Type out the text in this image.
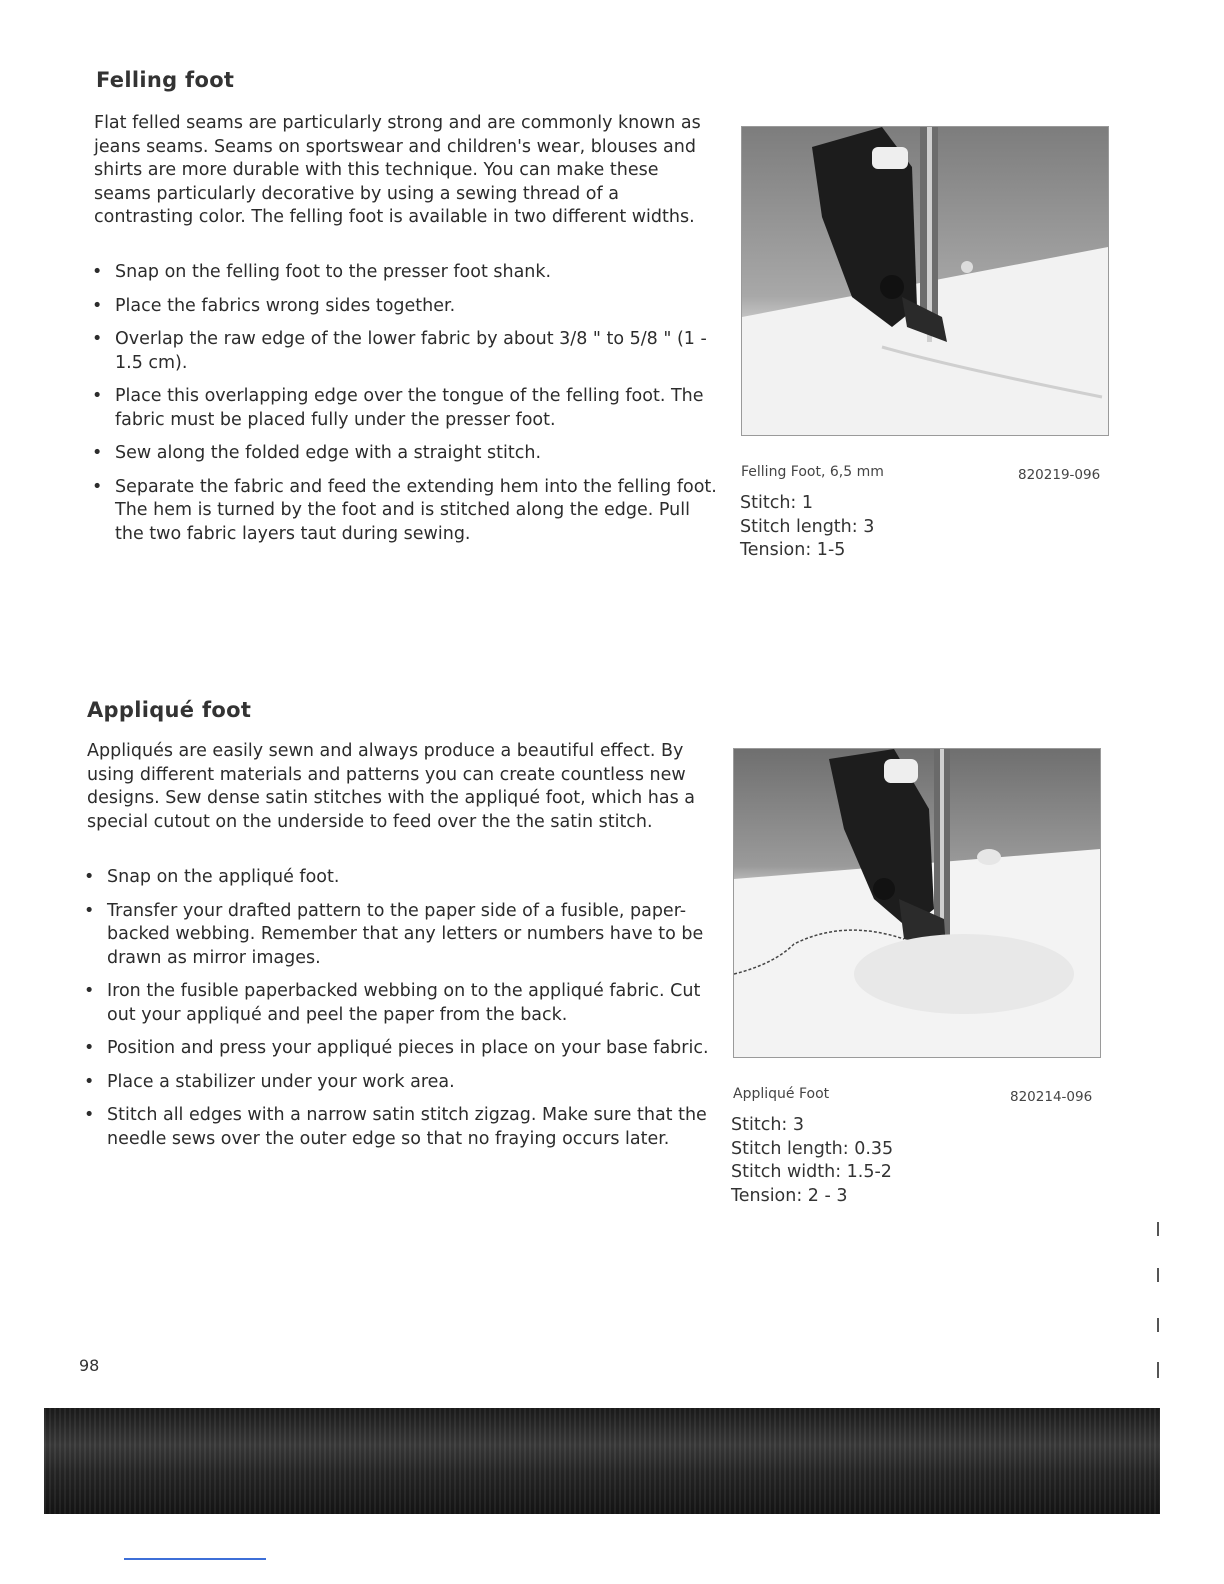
Felling foot

Flat felled seams are particularly strong and are commonly known as jeans seams. Seams on sportswear and children's wear, blouses and shirts are more durable with this technique. You can make these seams particularly decorative by using a sewing thread of a contrasting color. The felling foot is available in two different widths.

• Snap on the felling foot to the presser foot shank.
• Place the fabrics wrong sides together.
• Overlap the raw edge of the lower fabric by about 3/8 " to 5/8 " (1 - 1.5 cm).
• Place this overlapping edge over the tongue of the felling foot. The fabric must be placed fully under the presser foot.
• Sew along the folded edge with a straight stitch.
• Separate the fabric and feed the extending hem into the felling foot. The hem is turned by the foot and is stitched along the edge. Pull the two fabric layers taut during sewing.
Felling Foot, 6,5 mm	820219-096
Stitch: 1
Stitch length: 3
Tension: 1-5
Appliqué foot

Appliqués are easily sewn and always produce a beautiful effect. By using different materials and patterns you can create countless new designs. Sew dense satin stitches with the appliqué foot, which has a special cutout on the underside to feed over the the satin stitch.

• Snap on the appliqué foot.
• Transfer your drafted pattern to the paper side of a fusible, paper-backed webbing. Remember that any letters or numbers have to be drawn as mirror images.
• Iron the fusible paperbacked webbing on to the appliqué fabric. Cut out your appliqué and peel the paper from the back.
• Position and press your appliqué pieces in place on your base fabric.
• Place a stabilizer under your work area.
• Stitch all edges with a narrow satin stitch zigzag. Make sure that the needle sews over the outer edge so that no fraying occurs later.
Appliqué Foot	820214-096
Stitch: 3
Stitch length: 0.35
Stitch width: 1.5-2
Tension: 2 - 3
98
